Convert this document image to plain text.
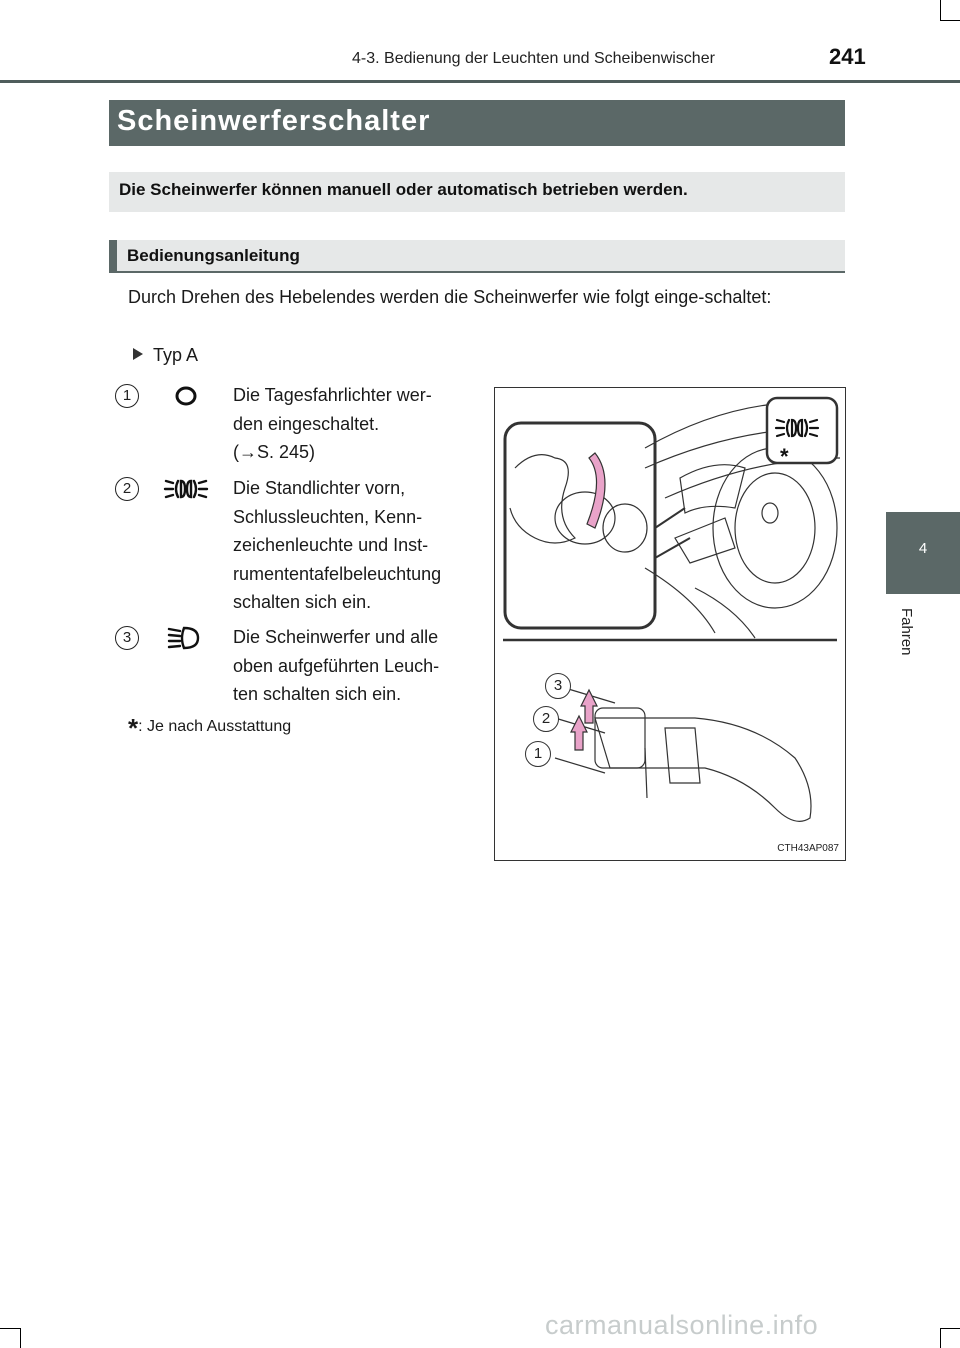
4-3. Bedienung der Leuchten und Scheibenwischer	241
4
Fahren
Scheinwerferschalter
Die Scheinwerfer können manuell oder automatisch betrieben werden.
Bedienungsanleitung
Durch Drehen des Hebelendes werden die Scheinwerfer wie folgt einge-schaltet:
Typ A
1	Die Tagesfahrlichter wer-
den eingeschaltet.
(→S. 245)
2	Die Standlichter vorn,
Schlussleuchten, Kenn-
zeichenleuchte und Inst-
rumententafelbeleuchtung
schalten sich ein.
3	Die Scheinwerfer und alle
oben aufgeführten Leuch-
ten schalten sich ein.
*: Je nach Ausstattung
*
3
2
1
CTH43AP087
carmanualsonline.info
